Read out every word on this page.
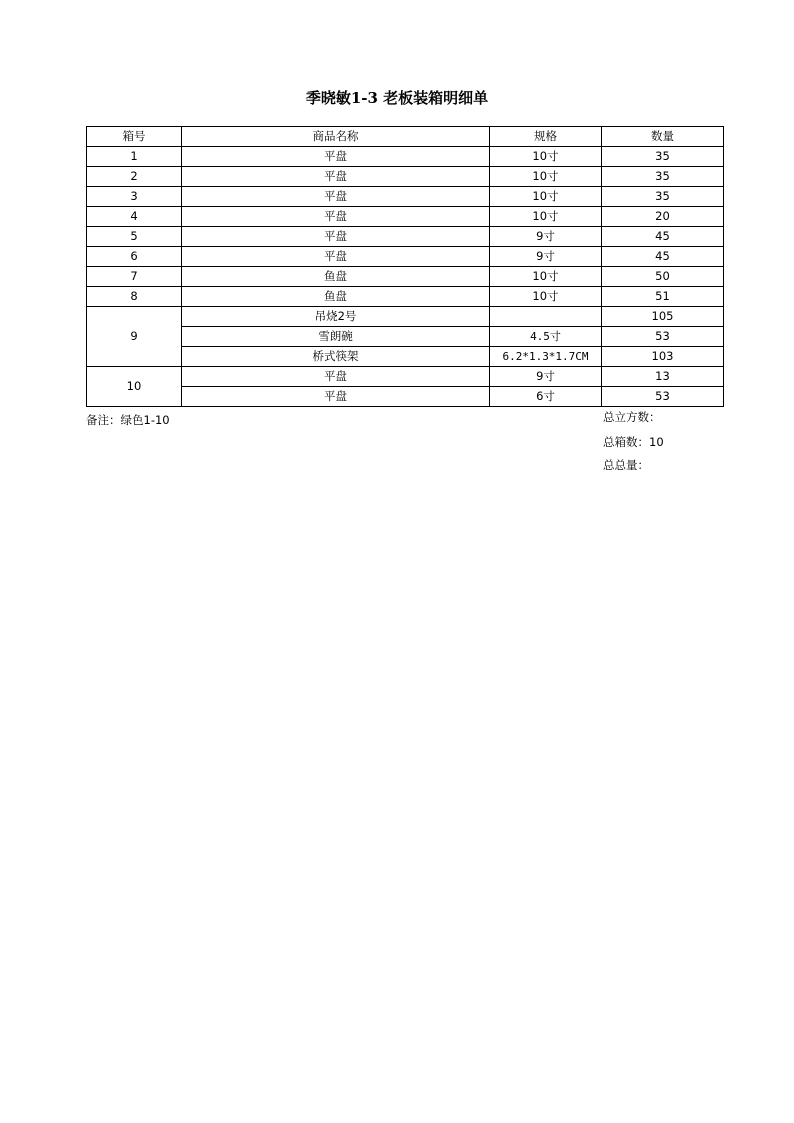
季晓敏1-3 老板装箱明细单
箱号	商品名称	规格	数量
1	平盘	10寸	35
2	平盘	10寸	35
3	平盘	10寸	35
4	平盘	10寸	20
5	平盘	9寸	45
6	平盘	9寸	45
7	鱼盘	10寸	50
8	鱼盘	10寸	51
9	吊烧2号		105
	雪朗碗	4.5寸	53
	桥式筷架	6.2*1.3*1.7CM	103
10	平盘	9寸	13
	平盘	6寸	53
备注：绿色1-10	总立方数：
总箱数：10
总总量：
